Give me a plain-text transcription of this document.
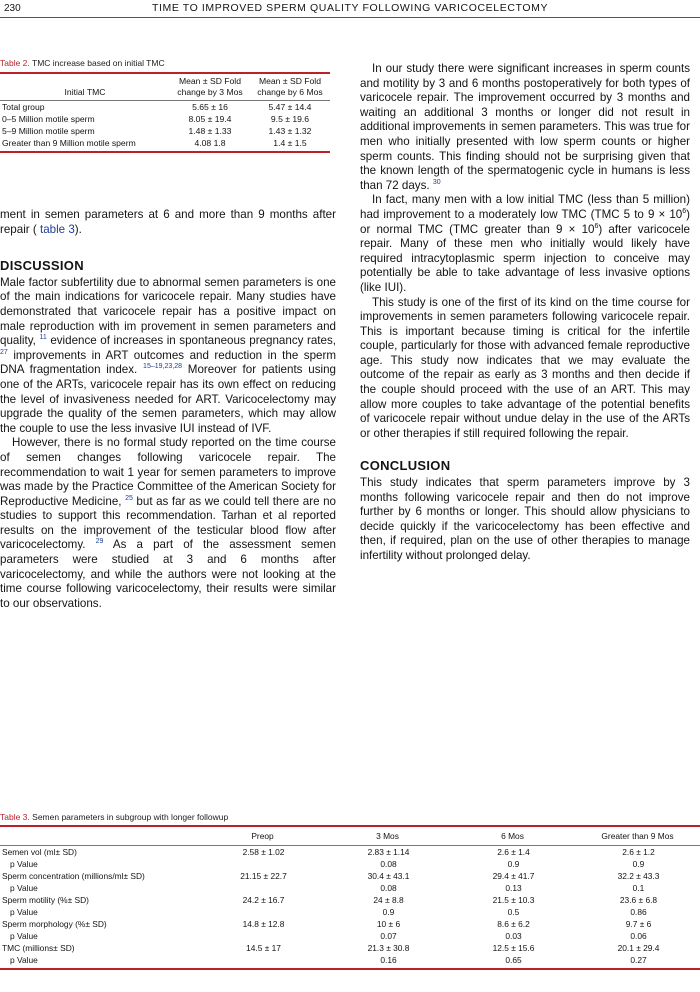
230	TIME TO IMPROVED SPERM QUALITY FOLLOWING VARICOCELECTOMY
Table 2. TMC increase based on initial TMC
Initial TMC	Mean ± SD Fold change by 3 Mos	Mean ± SD Fold change by 6 Mos
Total group	5.65 ± 16	5.47 ± 14.4
0–5 Million motile sperm	8.05 ± 19.4	9.5 ± 19.6
5–9 Million motile sperm	1.48 ± 1.33	1.43 ± 1.32
Greater than 9 Million motile sperm	4.08 1.8	1.4 ± 1.5

ment in semen parameters at 6 and more than 9 months after repair ( table 3).

DISCUSSION

Male factor subfertility due to abnormal semen parameters is one of the main indications for varicocele repair. Many studies have demonstrated that varicocele repair has a positive impact on male reproduction with im provement in semen parameters and quality, $^{11}$ evidence of increases in spontaneous pregnancy rates, $^{27}$ improvements in ART outcomes and reduction in the sperm DNA fragmentation index. $^{15-19,23,28}$ Moreover for patients using one of the ARTs, varicocele repair has its own effect on reducing the level of invasiveness needed for ART. Varicocelectomy may upgrade the quality of the semen parameters, which may allow the couple to use the less invasive IUI instead of IVF.

However, there is no formal study reported on the time course of semen changes following varicocele repair. The recommendation to wait 1 year for semen parameters to improve was made by the Practice Committee of the American Society for Reproductive Medicine, $^{25}$ but as far as we could tell there are no studies to support this recommendation. Tarhan et al reported results on the improvement of the testicular blood flow after varicocelectomy. $^{29}$ As a part of the assessment semen parameters were studied at 3 and 6 months after varicocelectomy, and while the authors were not looking at the time course following varicocelectomy, their results were similar to our observations.

In our study there were significant increases in sperm counts and motility by 3 and 6 months postoperatively for both types of varicocele repair. The improvement occurred by 3 months and waiting an additional 3 months or longer did not result in additional improvements in semen parameters. This was true for men who initially presented with low sperm counts or higher sperm counts. This finding should not be surprising given that the known length of the spermatogenic cycle in humans is less than 72 days. $^{30}$

In fact, many men with a low initial TMC (less than 5 million) had improvement to a moderately low TMC (TMC 5 to $9 \times 10^6$) or normal TMC (TMC greater than $9 \times 10^6$) after varicocele repair. Many of these men who initially would likely have required intracytoplasmic sperm injection to conceive may potentially be able to take advantage of less invasive options (like IUI).

This study is one of the first of its kind on the time course for improvements in semen parameters following varicocele repair. This is important because timing is critical for the infertile couple, particularly for those with advanced female reproductive age. This study now indicates that we may evaluate the outcome of the repair as early as 3 months and then decide if the couple should proceed with the use of an ART. This may allow more couples to take advantage of the potential benefits of varicocele repair without undue delay in the use of the ARTs or other therapies if still required following the repair.

CONCLUSION

This study indicates that sperm parameters improve by 3 months following varicocele repair and then do not improve further by 6 months or longer. This should allow physicians to decide quickly if the varicocelectomy has been effective and then, if required, plan on the use of other therapies to manage infertility without prolonged delay.

Table 3. Semen parameters in subgroup with longer followup
	Preop	3 Mos	6 Mos	Greater than 9 Mos
Semen vol (ml± SD)	2.58 ± 1.02	2.83 ± 1.14	2.6 ± 1.4	2.6 ± 1.2
p Value		0.08	0.9	0.9
Sperm concentration (millions/ml± SD)	21.15 ± 22.7	30.4 ± 43.1	29.4 ± 41.7	32.2 ± 43.3
p Value		0.08	0.13	0.1
Sperm motility (%± SD)	24.2 ± 16.7	24 ± 8.8	21.5 ± 10.3	23.6 ± 6.8
p Value		0.9	0.5	0.86
Sperm morphology (%± SD)	14.8 ± 12.8	10 ± 6	8.6 ± 6.2	9.7 ± 6
p Value		0.07	0.03	0.06
TMC (millions± SD)	14.5 ± 17	21.3 ± 30.8	12.5 ± 15.6	20.1 ± 29.4
p Value		0.16	0.65	0.27
